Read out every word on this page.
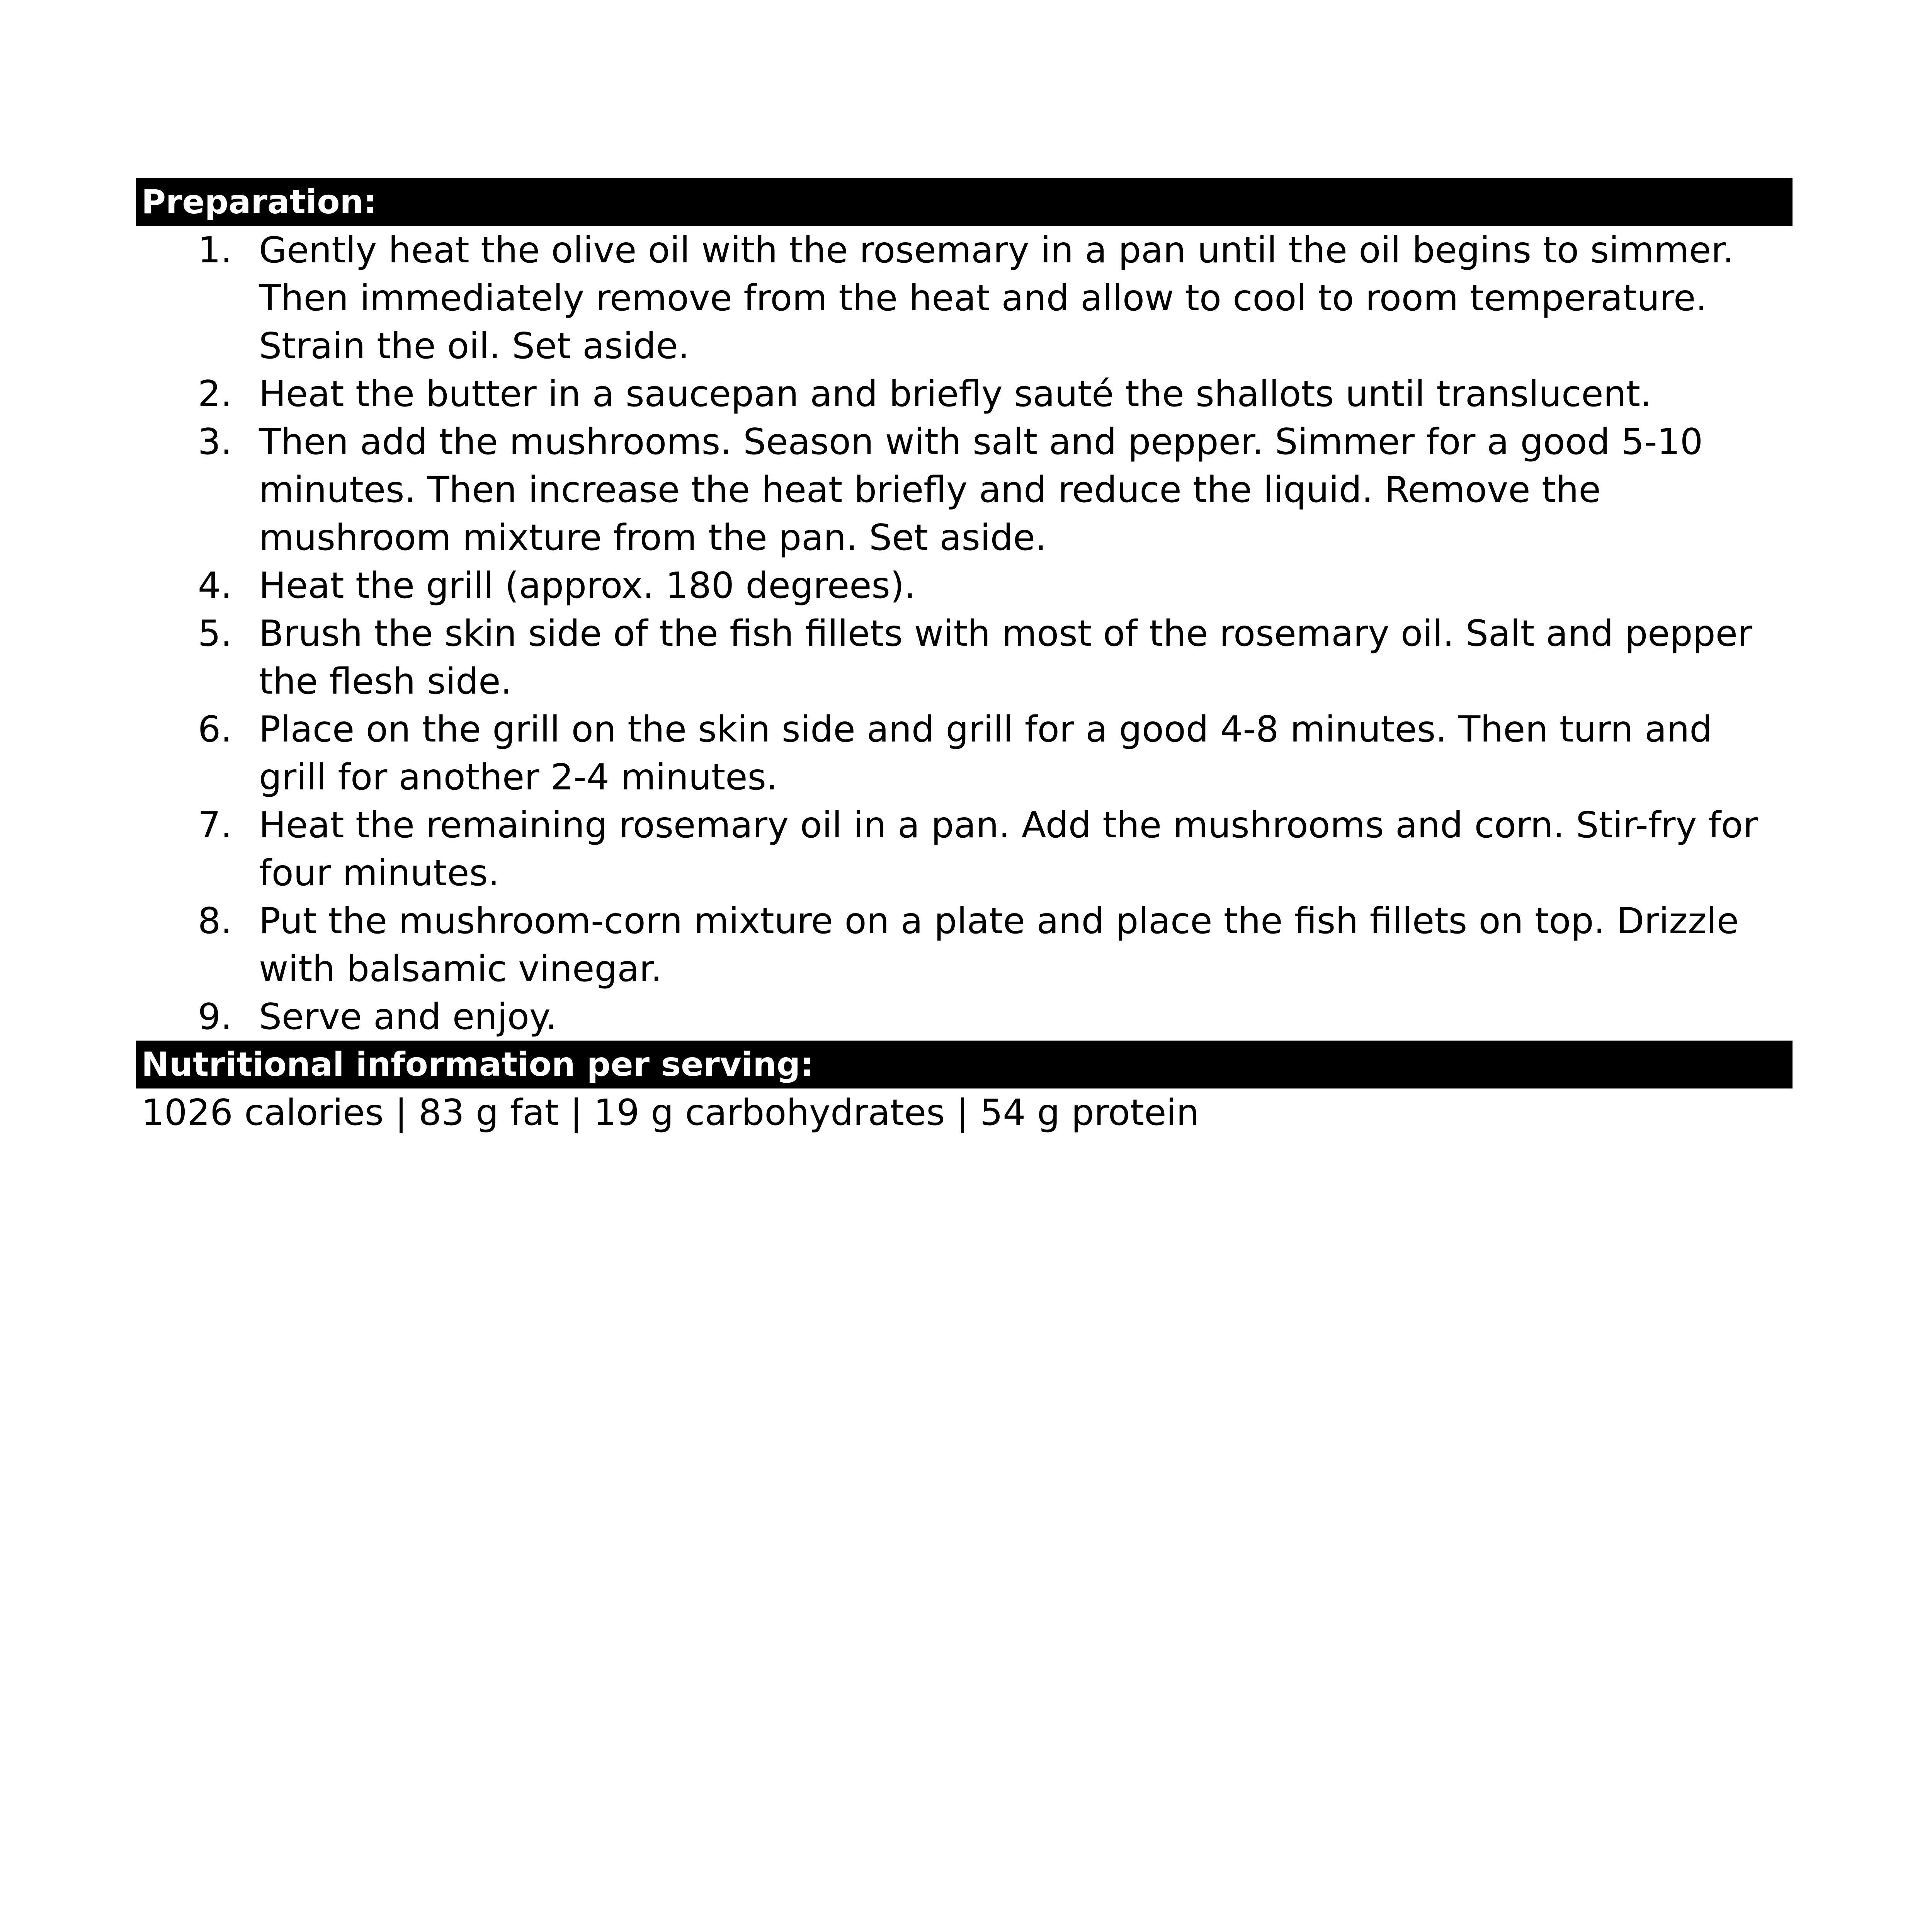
Preparation:
1. Gently heat the olive oil with the rosemary in a pan until the oil begins to simmer. Then immediately remove from the heat and allow to cool to room temperature. Strain the oil. Set aside.
2. Heat the butter in a saucepan and briefly sauté the shallots until translucent.
3. Then add the mushrooms. Season with salt and pepper. Simmer for a good 5-10 minutes. Then increase the heat briefly and reduce the liquid. Remove the mushroom mixture from the pan. Set aside.
4. Heat the grill (approx. 180 degrees).
5. Brush the skin side of the fish fillets with most of the rosemary oil. Salt and pepper the flesh side.
6. Place on the grill on the skin side and grill for a good 4-8 minutes. Then turn and grill for another 2-4 minutes.
7. Heat the remaining rosemary oil in a pan. Add the mushrooms and corn. Stir-fry for four minutes.
8. Put the mushroom-corn mixture on a plate and place the fish fillets on top. Drizzle with balsamic vinegar.
9. Serve and enjoy.
Nutritional information per serving:
1026 calories | 83 g fat | 19 g carbohydrates | 54 g protein
